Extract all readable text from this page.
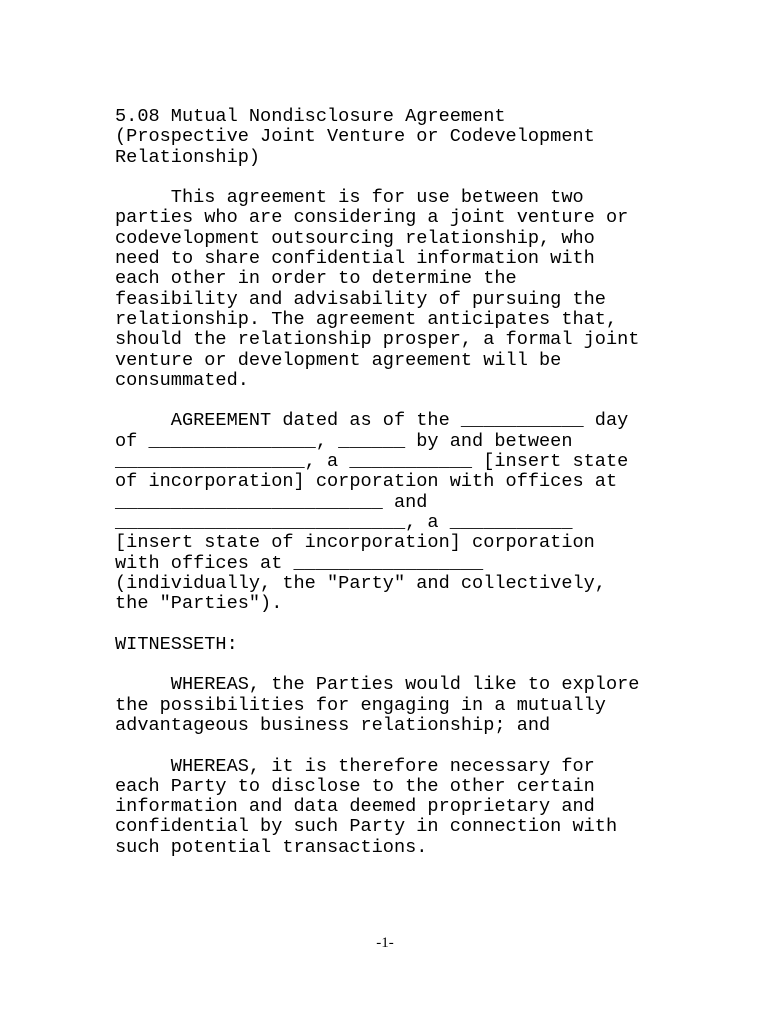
5.08 Mutual Nondisclosure Agreement
(Prospective Joint Venture or Codevelopment
Relationship)
This agreement is for use between two
parties who are considering a joint venture or
codevelopment outsourcing relationship, who
need to share confidential information with
each other in order to determine the
feasibility and advisability of pursuing the
relationship. The agreement anticipates that,
should the relationship prosper, a formal joint
venture or development agreement will be
consummated.
AGREEMENT dated as of the ___________ day
of _______________, ______ by and between
_________________, a ___________ [insert state
of incorporation] corporation with offices at
________________________ and
__________________________, a ___________
[insert state of incorporation] corporation
with offices at _________________
(individually, the "Party" and collectively,
the "Parties").
WITNESSETH:
WHEREAS, the Parties would like to explore
the possibilities for engaging in a mutually
advantageous business relationship; and
WHEREAS, it is therefore necessary for
each Party to disclose to the other certain
information and data deemed proprietary and
confidential by such Party in connection with
such potential transactions.
-1-
